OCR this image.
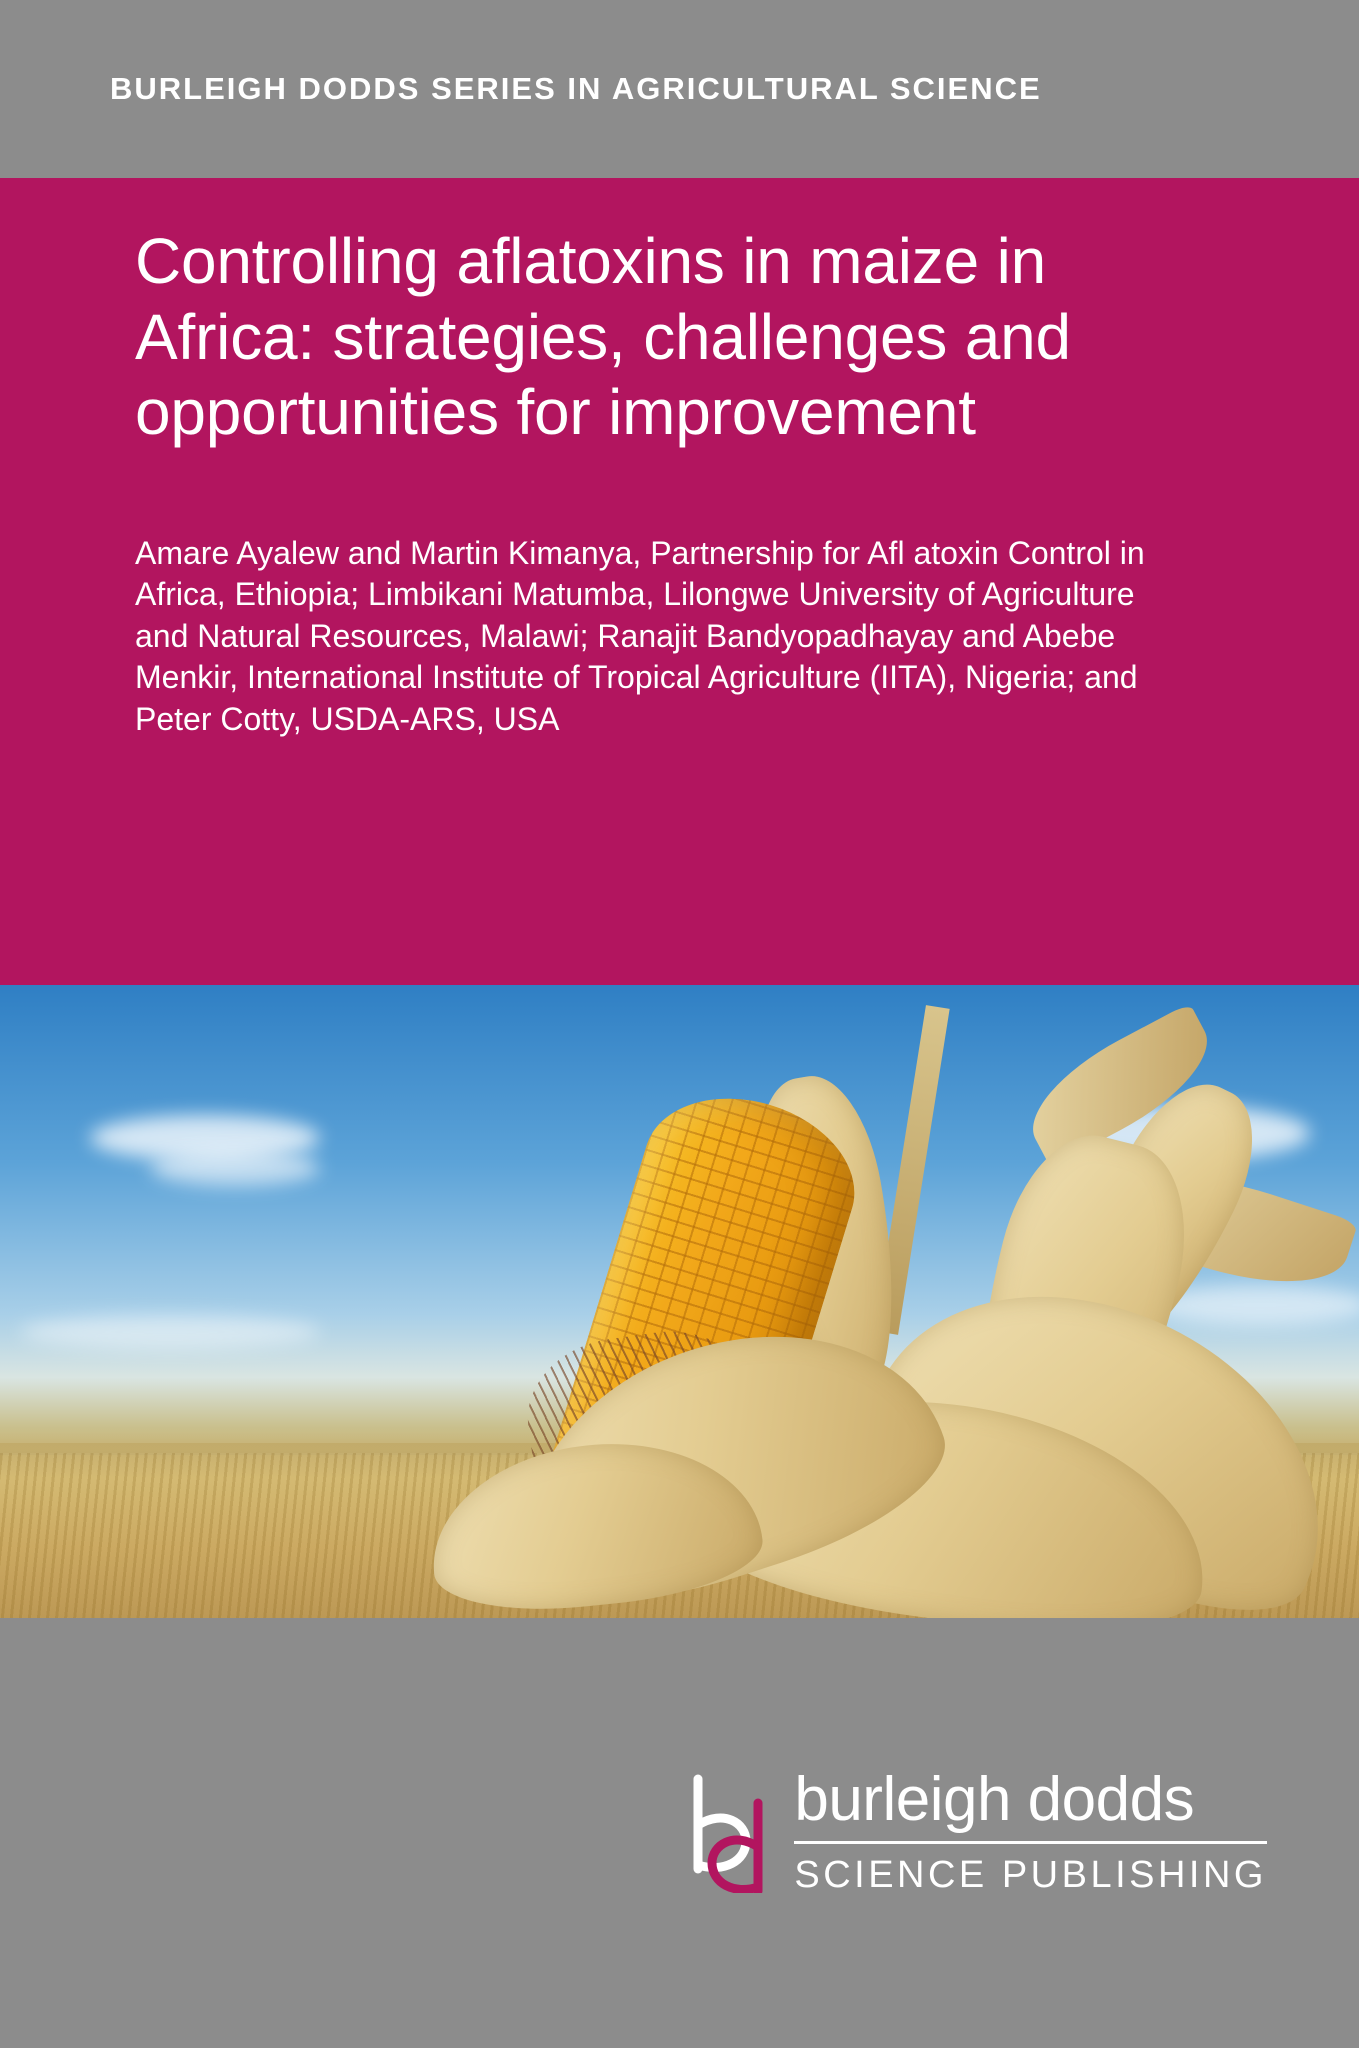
BURLEIGH DODDS SERIES IN AGRICULTURAL SCIENCE
Controlling aflatoxins in maize in Africa: strategies, challenges and opportunities for improvement
Amare Ayalew and Martin Kimanya, Partnership for Afl atoxin Control in Africa, Ethiopia; Limbikani Matumba, Lilongwe University of Agriculture and Natural Resources, Malawi; Ranajit Bandyopadhayay and Abebe Menkir, International Institute of Tropical Agriculture (IITA), Nigeria; and Peter Cotty, USDA-ARS, USA
burleigh dodds
SCIENCE PUBLISHING
